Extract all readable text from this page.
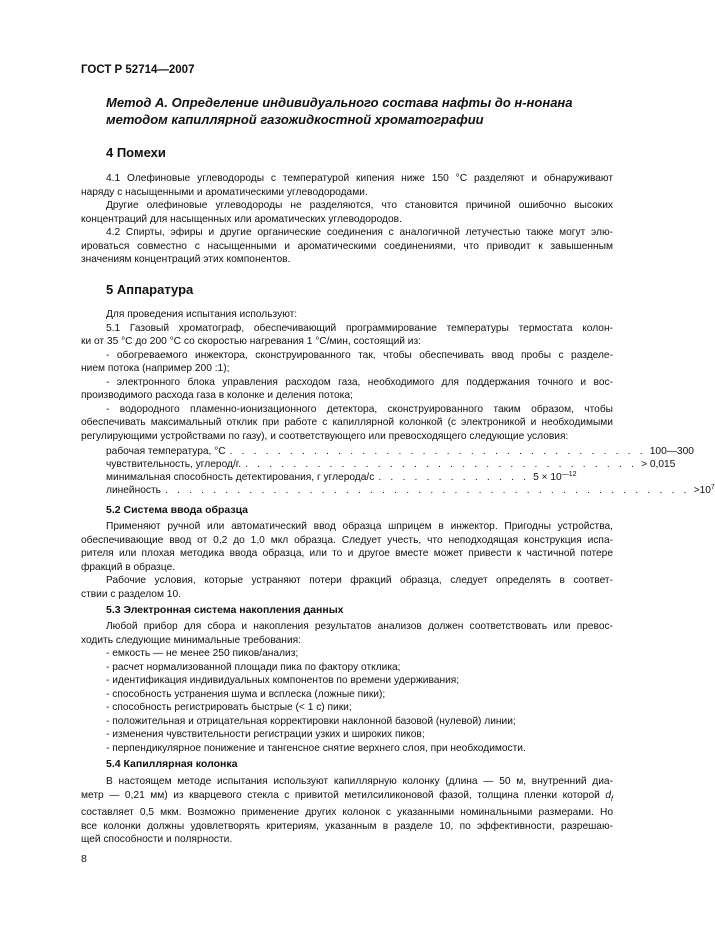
ГОСТ Р 52714—2007
Метод А. Определение индивидуального состава нафты до н-нонана методом капиллярной газожидкостной хроматографии
4 Помехи

4.1 Олефиновые углеводороды с температурой кипения ниже 150 °С разделяют и обнаруживают

наряду с насыщенными и ароматическими углеводородами.

Другие олефиновые углеводороды не разделяются, что становится причиной ошибочно высоких

концентраций для насыщенных или ароматических углеводородов.

4.2 Спирты, эфиры и другие органические соединения с аналогичной летучестью также могут элю-

ироваться совместно с насыщенными и ароматическими соединениями, что приводит к завышенным

значениям концентраций этих компонентов.

5 Аппаратура

Для проведения испытания используют:

5.1 Газовый хроматограф, обеспечивающий программирование температуры термостата колон-

ки от 35 °С до 200 °С со скоростью нагревания 1 °С/мин, состоящий из:

- обогреваемого инжектора, сконструированного так, чтобы обеспечивать ввод пробы с разделе-

нием потока (например 200 :1);

- электронного блока управления расходом газа, необходимого для поддержания точного и вос-

производимого расхода газа в колонке и деления потока;

- водородного пламенно-ионизационного детектора, сконструированного таким образом, чтобы

обеспечивать максимальный отклик при работе с капиллярной колонкой (с электроникой и необходимыми

регулирующими устройствами по газу), и соответствующего или превосходящего следующие условия:

рабочая температура, °С . . . . . . . . . . . . . . . . . . . . . . . . . . . . . . . . . . . 100—300
чувствительность, углерод/г. . . . . . . . . . . . . . . . . . . . . . . . . . . . . . . . . . > 0,015
минимальная способность детектирования, г углерода/с . . . . . . . . . . . . . $5 \times 10^{—12}$
линейность . . . . . . . . . . . . . . . . . . . . . . . . . . . . . . . . . . . . . . . . . . . . $>10^7$
5.2 Система ввода образца

Применяют ручной или автоматический ввод образца шприцем в инжектор. Пригодны устройства,

обеспечивающие ввод от 0,2 до 1,0 мкл образца. Следует учесть, что неподходящая конструкция испа-

рителя или плохая методика ввода образца, или то и другое вместе может привести к частичной потере

фракций в образце.

Рабочие условия, которые устраняют потери фракций образца, следует определять в соответ-

ствии с разделом 10.

5.3 Электронная система накопления данных

Любой прибор для сбора и накопления результатов анализов должен соответствовать или превос-

ходить следующие минимальные требования:

- емкость — не менее 250 пиков/анализ;

- расчет нормализованной площади пика по фактору отклика;

- идентификация индивидуальных компонентов по времени удерживания;

- способность устранения шума и всплеска (ложные пики);

- способность регистрировать быстрые (< 1 с) пики;

- положительная и отрицательная корректировки наклонной базовой (нулевой) линии;

- изменения чувствительности регистрации узких и широких пиков;

- перпендикулярное понижение и тангенсное снятие верхнего слоя, при необходимости.

5.4 Капиллярная колонка

В настоящем методе испытания используют капиллярную колонку (длина — 50 м, внутренний диа-

метр — 0,21 мм) из кварцевого стекла с привитой метилсиликоновой фазой, толщина пленки которой $d_f$

составляет 0,5 мкм. Возможно применение других колонок с указанными номинальными размерами. Но

все колонки должны удовлетворять критериям, указанным в разделе 10, по эффективности, разрешаю-

щей способности и полярности.

8
